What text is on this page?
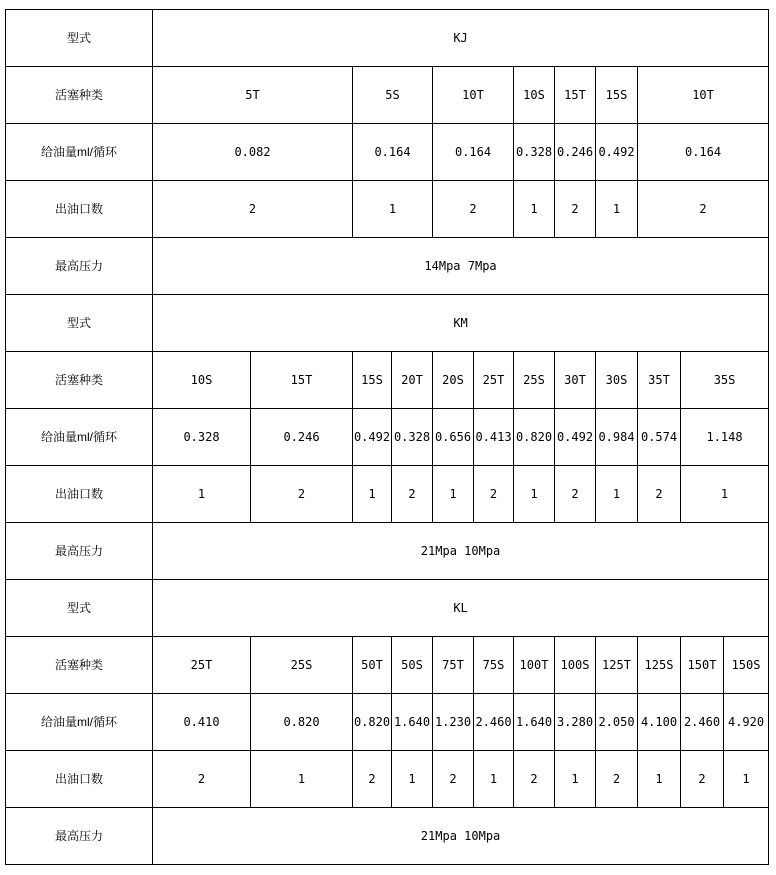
型式	KJ											
活塞种类	5T		5S		10T		10S	15T	15S	10T		
给油量ml/循环	0.082		0.164		0.164		0.328	0.246	0.492	0.164		
出油口数	2		1		2		1	2	1	2		
最高压力	14Mpa 7Mpa											
型式	KM											
活塞种类	10S	15T	15S	20T	20S	25T	25S	30T	30S	35T	35S	
给油量ml/循环	0.328	0.246	0.492	0.328	0.656	0.413	0.820	0.492	0.984	0.574	1.148	
出油口数	1	2	1	2	1	2	1	2	1	2	1	
最高压力	21Mpa 10Mpa											
型式	KL											
活塞种类	25T	25S	50T	50S	75T	75S	100T	100S	125T	125S	150T	150S
给油量ml/循环	0.410	0.820	0.820	1.640	1.230	2.460	1.640	3.280	2.050	4.100	2.460	4.920
出油口数	2	1	2	1	2	1	2	1	2	1	2	1
最高压力	21Mpa 10Mpa											
